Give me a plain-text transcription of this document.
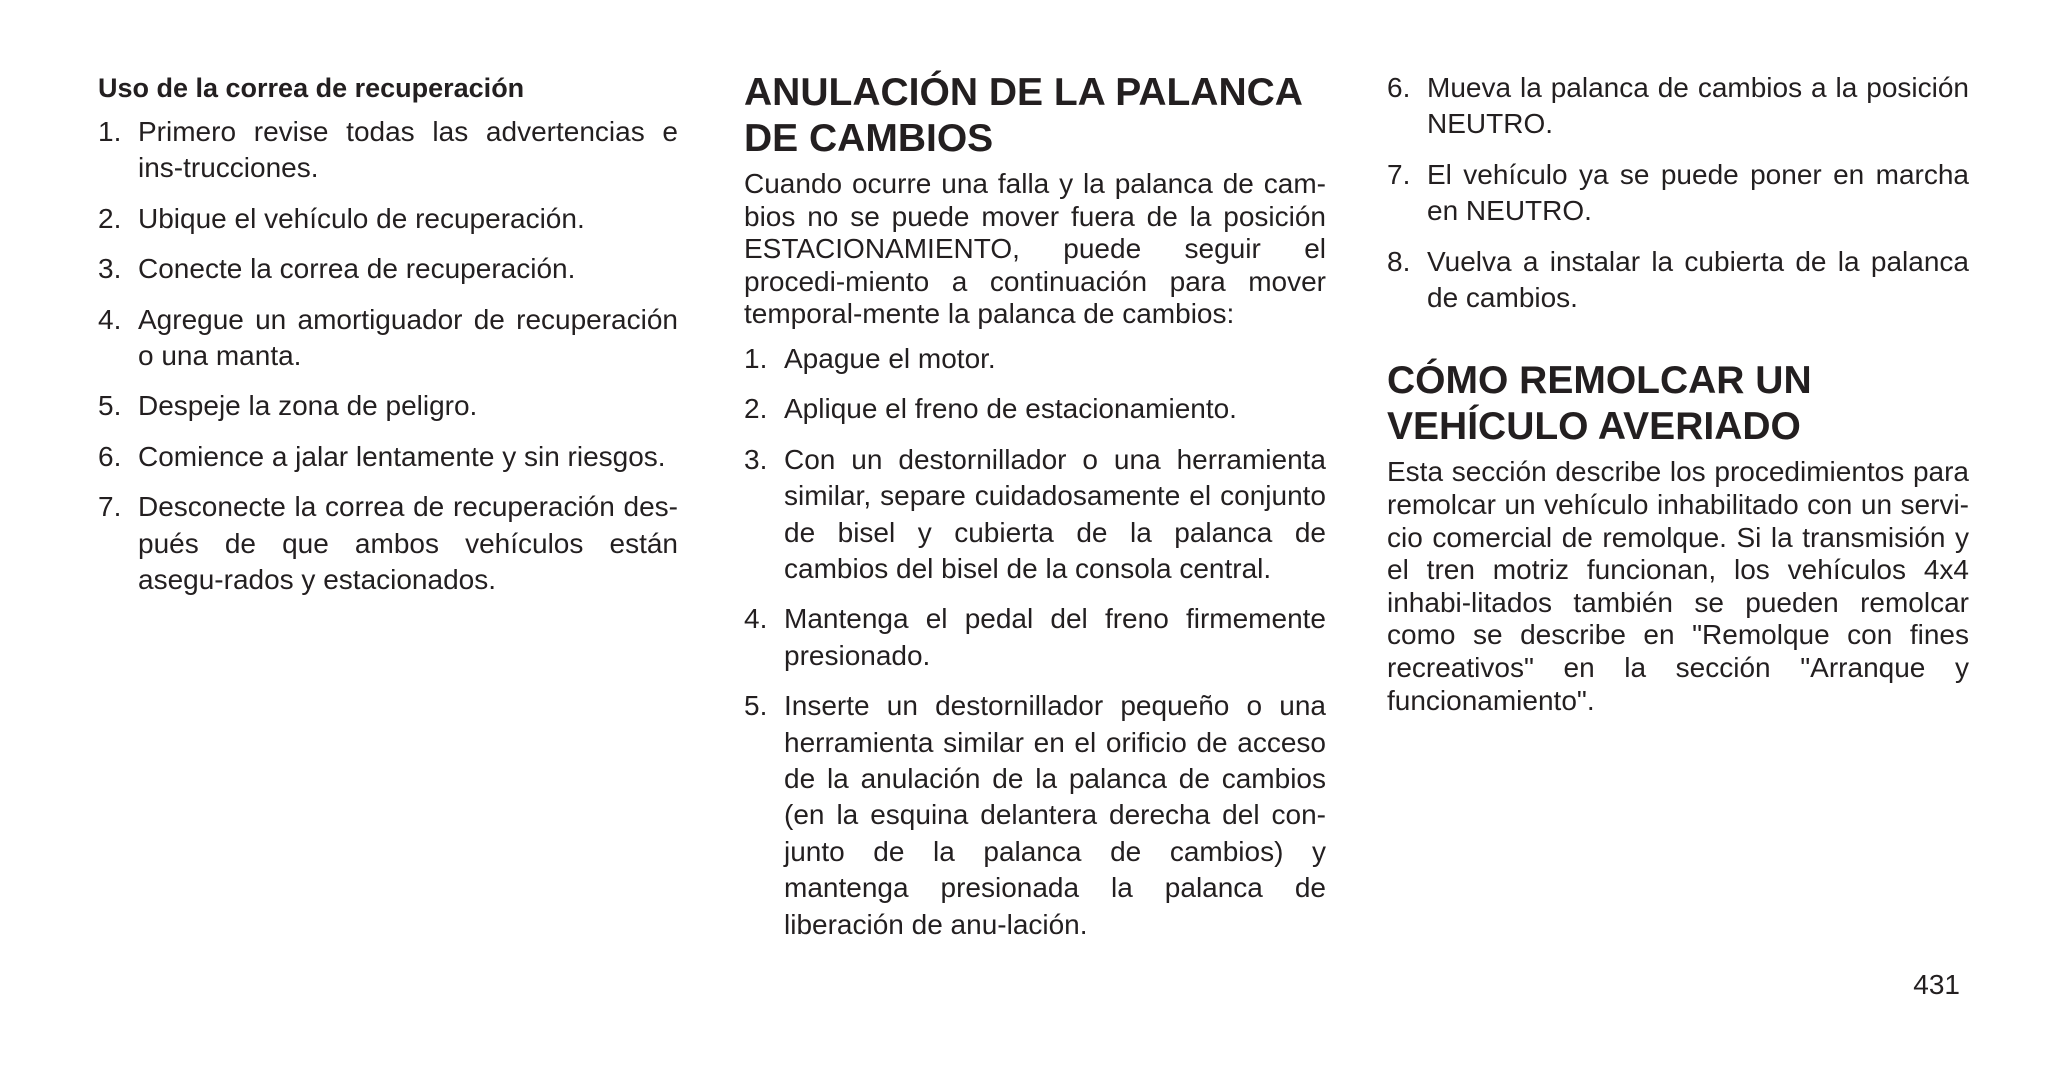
Uso de la correa de recuperación
1. Primero revise todas las advertencias e ins-trucciones.
2. Ubique el vehículo de recuperación.
3. Conecte la correa de recuperación.
4. Agregue un amortiguador de recuperación o una manta.
5. Despeje la zona de peligro.
6. Comience a jalar lentamente y sin riesgos.
7. Desconecte la correa de recuperación des-pués de que ambos vehículos están asegu-rados y estacionados.
ANULACIÓN DE LA PALANCA DE CAMBIOS

Cuando ocurre una falla y la palanca de cam-bios no se puede mover fuera de la posición ESTACIONAMIENTO, puede seguir el procedi-miento a continuación para mover temporal-mente la palanca de cambios:

1. Apague el motor.
2. Aplique el freno de estacionamiento.
3. Con un destornillador o una herramienta similar, separe cuidadosamente el conjunto de bisel y cubierta de la palanca de cambios del bisel de la consola central.
4. Mantenga el pedal del freno firmemente presionado.
5. Inserte un destornillador pequeño o una herramienta similar en el orificio de acceso de la anulación de la palanca de cambios (en la esquina delantera derecha del con-junto de la palanca de cambios) y mantenga presionada la palanca de liberación de anu-lación.
6. Mueva la palanca de cambios a la posición NEUTRO.
7. El vehículo ya se puede poner en marcha en NEUTRO.
8. Vuelva a instalar la cubierta de la palanca de cambios.
CÓMO REMOLCAR UN VEHÍCULO AVERIADO

Esta sección describe los procedimientos para remolcar un vehículo inhabilitado con un servi-cio comercial de remolque. Si la transmisión y el tren motriz funcionan, los vehículos 4x4 inhabi-litados también se pueden remolcar como se describe en "Remolque con fines recreativos" en la sección "Arranque y funcionamiento".

431
